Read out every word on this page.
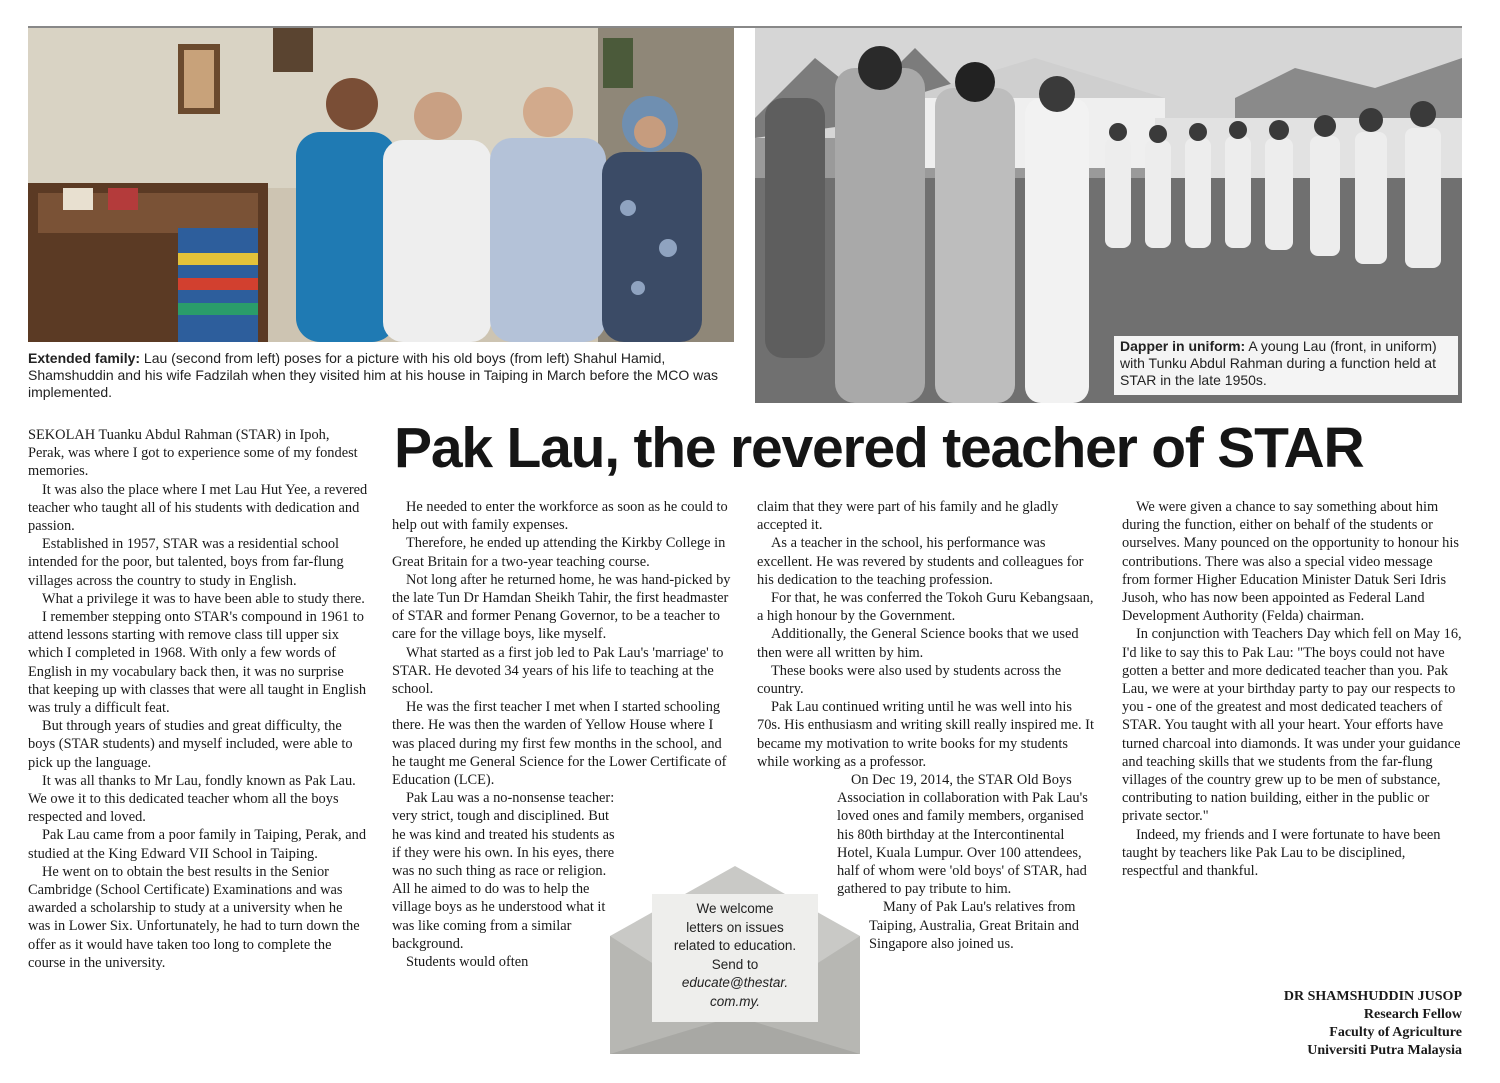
Extended family: Lau (second from left) poses for a picture with his old boys (from left) Shahul Hamid, Shamshuddin and his wife Fadzilah when they visited him at his house in Taiping in March before the MCO was implemented.

Dapper in uniform: A young Lau (front, in uniform) with Tunku Abdul Rahman during a function held at STAR in the late 1950s.

Pak Lau, the revered teacher of STAR

SEKOLAH Tuanku Abdul Rahman (STAR) in Ipoh, Perak, was where I got to experience some of my fondest memories.

It was also the place where I met Lau Hut Yee, a revered teacher who taught all of his students with dedication and passion.

Established in 1957, STAR was a residential school intended for the poor, but talented, boys from far-flung villages across the country to study in English.

What a privilege it was to have been able to study there.

I remember stepping onto STAR's compound in 1961 to attend lessons starting with remove class till upper six which I completed in 1968. With only a few words of English in my vocabulary back then, it was no surprise that keeping up with classes that were all taught in English was truly a difficult feat.

But through years of studies and great difficulty, the boys (STAR students) and myself included, were able to pick up the language.

It was all thanks to Mr Lau, fondly known as Pak Lau. We owe it to this dedicated teacher whom all the boys respected and loved.

Pak Lau came from a poor family in Taiping, Perak, and studied at the King Edward VII School in Taiping.

He went on to obtain the best results in the Senior Cambridge (School Certificate) Examinations and was awarded a scholarship to study at a university when he was in Lower Six. Unfortunately, he had to turn down the offer as it would have taken too long to complete the course in the university.

He needed to enter the workforce as soon as he could to help out with family expenses.

Therefore, he ended up attending the Kirkby College in Great Britain for a two-year teaching course.

Not long after he returned home, he was hand-picked by the late Tun Dr Hamdan Sheikh Tahir, the first headmaster of STAR and former Penang Governor, to be a teacher to care for the village boys, like myself.

What started as a first job led to Pak Lau's 'marriage' to STAR. He devoted 34 years of his life to teaching at the school.

He was the first teacher I met when I started schooling there. He was then the warden of Yellow House where I was placed during my first few months in the school, and he taught me General Science for the Lower Certificate of Education (LCE).

Pak Lau was a no-nonsense teacher: very strict, tough and disciplined. But he was kind and treated his students as if they were his own. In his eyes, there was no such thing as race or religion. All he aimed to do was to help the village boys as he understood what it was like coming from a similar background.

Students would often

claim that they were part of his family and he gladly accepted it.

As a teacher in the school, his performance was excellent. He was revered by students and colleagues for his dedication to the teaching profession.

For that, he was conferred the Tokoh Guru Kebangsaan, a high honour by the Government.

Additionally, the General Science books that we used then were all written by him.

These books were also used by students across the country.

Pak Lau continued writing until he was well into his 70s. His enthusiasm and writing skill really inspired me. It became my motivation to write books for my students while working as a professor.

On Dec 19, 2014, the STAR Old Boys Association in collaboration with Pak Lau's loved ones and family members, organised his 80th birthday at the Intercontinental Hotel, Kuala Lumpur. Over 100 attendees, half of whom were 'old boys' of STAR, had gathered to pay tribute to him.

Many of Pak Lau's relatives from Taiping, Australia, Great Britain and Singapore also joined us.

We were given a chance to say something about him during the function, either on behalf of the students or ourselves. Many pounced on the opportunity to honour his contributions. There was also a special video message from former Higher Education Minister Datuk Seri Idris Jusoh, who has now been appointed as Federal Land Development Authority (Felda) chairman.

In conjunction with Teachers Day which fell on May 16, I'd like to say this to Pak Lau: "The boys could not have gotten a better and more dedicated teacher than you. Pak Lau, we were at your birthday party to pay our respects to you - one of the greatest and most dedicated teachers of STAR. You taught with all your heart. Your efforts have turned charcoal into diamonds. It was under your guidance and teaching skills that we students from the far-flung villages of the country grew up to be men of substance, contributing to nation building, either in the public or private sector."

Indeed, my friends and I were fortunate to have been taught by teachers like Pak Lau to be disciplined, respectful and thankful.

DR SHAMSHUDDIN JUSOP
Research Fellow
Faculty of Agriculture
Universiti Putra Malaysia
We welcome
letters on issues
related to education.
Send to
educate@thestar.
com.my.
